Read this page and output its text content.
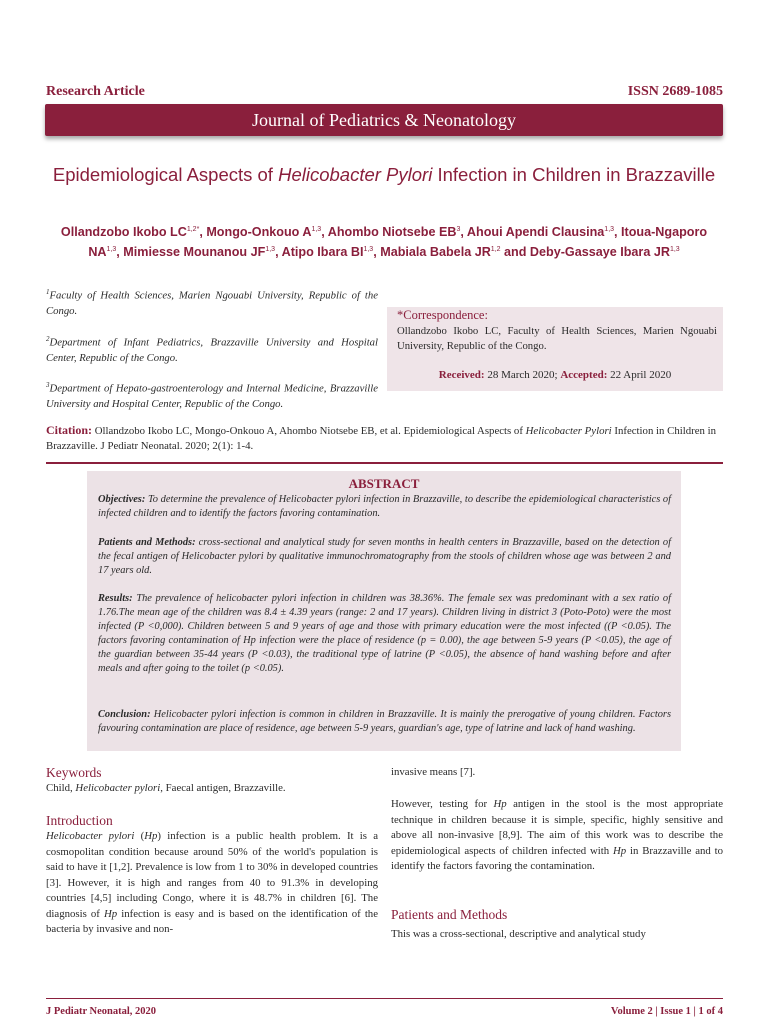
Research Article	ISSN 2689-1085
Journal of Pediatrics & Neonatology
Epidemiological Aspects of Helicobacter Pylori Infection in Children in Brazzaville
Ollandzobo Ikobo $LC^{1,2*}$, Mongo-Onkouo A$^{1,3}$, Ahombo Niotsebe $EB^3$, Ahoui Apendi Clausina$^{1,3}$, Itoua-Ngaporo NA$^{1,3}$, Mimiesse Mounanou JF$^{1,3}$, Atipo Ibara BI$^{1,3}$, Mabiala Babela JR$^{1,2}$ and Deby-Gassaye Ibara JR$^{1,3}$
$^1$Faculty of Health Sciences, Marien Ngouabi University, Republic of the Congo.
$^2$Department of Infant Pediatrics, Brazzaville University and Hospital Center, Republic of the Congo.
$^3$Department of Hepato-gastroenterology and Internal Medicine, Brazzaville University and Hospital Center, Republic of the Congo.
*Correspondence:
Ollandzobo Ikobo LC, Faculty of Health Sciences, Marien Ngouabi University, Republic of the Congo.
Received: 28 March 2020; Accepted: 22 April 2020
Citation: Ollandzobo Ikobo LC, Mongo-Onkouo A, Ahombo Niotsebe EB, et al. Epidemiological Aspects of Helicobacter Pylori Infection in Children in Brazzaville. J Pediatr Neonatal. 2020; 2(1): 1-4.
ABSTRACT
Objectives: To determine the prevalence of Helicobacter pylori infection in Brazzaville, to describe the epidemiological characteristics of infected children and to identify the factors favoring contamination.
Patients and Methods: cross-sectional and analytical study for seven months in health centers in Brazzaville, based on the detection of the fecal antigen of Helicobacter pylori by qualitative immunochromatography from the stools of children whose age was between 2 and 17 years old.
Results: The prevalence of helicobacter pylori infection in children was 38.36%. The female sex was predominant with a sex ratio of 1.76.The mean age of the children was 8.4 ± 4.39 years (range: 2 and 17 years). Children living in district 3 (Poto-Poto) were the most infected (P <0,000). Children between 5 and 9 years of age and those with primary education were the most infected ((P <0.05). The factors favoring contamination of Hp infection were the place of residence (p = 0.00), the age between 5-9 years (P <0.05), the age of the guardian between 35-44 years (P <0.03), the traditional type of latrine (P <0.05), the absence of hand washing before and after meals and after going to the toilet (p <0.05).
Conclusion: Helicobacter pylori infection is common in children in Brazzaville. It is mainly the prerogative of young children. Factors favouring contamination are place of residence, age between 5-9 years, guardian's age, type of latrine and lack of hand washing.
Keywords
Child, Helicobacter pylori, Faecal antigen, Brazzaville.
Introduction
Helicobacter pylori (Hp) infection is a public health problem. It is a cosmopolitan condition because around 50% of the world's population is said to have it [1,2]. Prevalence is low from 1 to 30% in developed countries [3]. However, it is high and ranges from 40 to 91.3% in developing countries [4,5] including Congo, where it is 48.7% in children [6]. The diagnosis of Hp infection is easy and is based on the identification of the bacteria by invasive and non-
invasive means [7].
However, testing for Hp antigen in the stool is the most appropriate technique in children because it is simple, specific, highly sensitive and above all non-invasive [8,9]. The aim of this work was to describe the epidemiological aspects of children infected with Hp in Brazzaville and to identify the factors favoring the contamination.
Patients and Methods
This was a cross-sectional, descriptive and analytical study
J Pediatr Neonatal, 2020	Volume 2 | Issue 1 | 1 of 4
